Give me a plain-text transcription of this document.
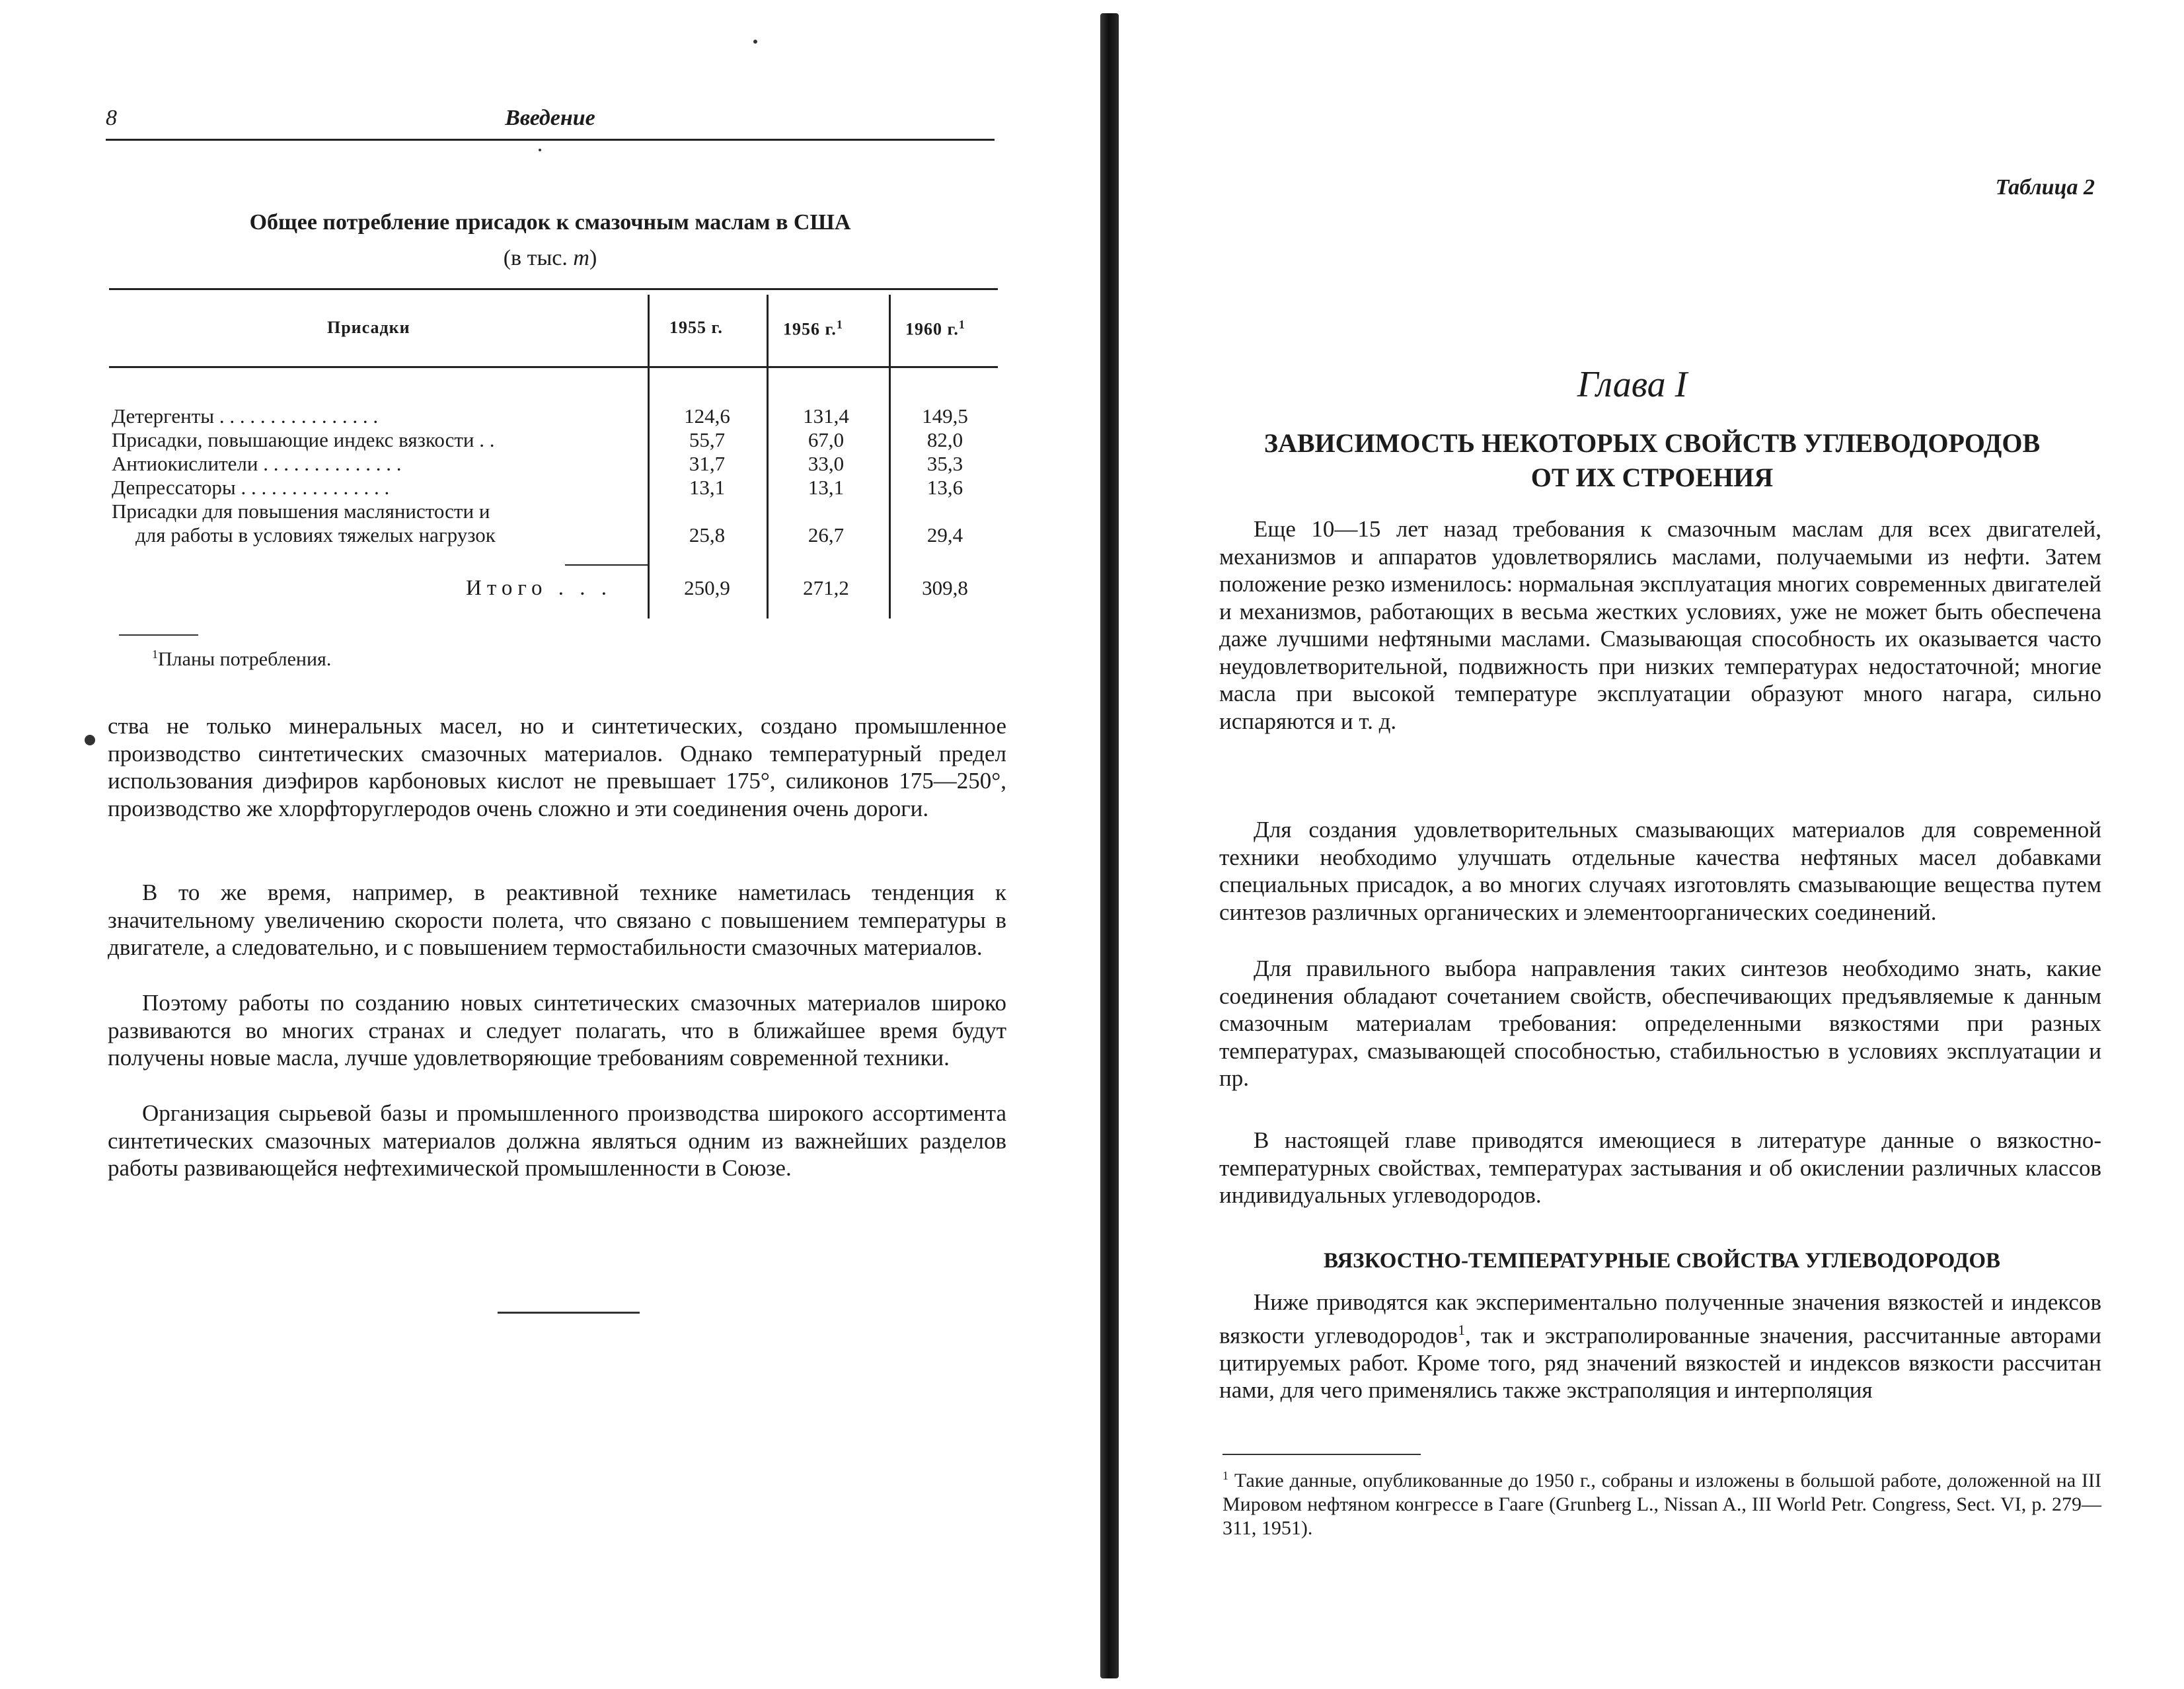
8	Введение
Таблица 2
Общее потребление присадок к смазочным маслам в США
(в тыс. т)
Присадки	1955 г.	1956 г.$^1$	1960 г.$^1$
Детергенты . . . . . . . . . . . . . . . .	124,6	131,4	149,5
Присадки, повышающие индекс вязкости . .	55,7	67,0	82,0
Антиокислители . . . . . . . . . . . . . .	31,7	33,0	35,3
Депрессаторы . . . . . . . . . . . . . . .	13,1	13,1	13,6
Присадки для повышения маслянистости и
для работы в условиях тяжелых нагрузок	25,8	26,7	29,4
Итого . . .	250,9	271,2	309,8
$^1$Планы потребления.
ства не только минеральных масел, но и синтетических, создано промышленное производство синтетических смазочных материалов. Однако температурный предел использования диэфиров карбоновых кислот не превышает 175°, силиконов 175—250°, производство же хлорфторуглеродов очень сложно и эти соединения очень дороги.
В то же время, например, в реактивной технике наметилась тенденция к значительному увеличению скорости полета, что связано с повышением температуры в двигателе, а следовательно, и с повышением термостабильности смазочных материалов.
Поэтому работы по созданию новых синтетических смазочных материалов широко развиваются во многих странах и следует полагать, что в ближайшее время будут получены новые масла, лучше удовлетворяющие требованиям современной техники.
Организация сырьевой базы и промышленного производства широкого ассортимента синтетических смазочных материалов должна являться одним из важнейших разделов работы развивающейся нефтехимической промышленности в Союзе.
Глава I
ЗАВИСИМОСТЬ НЕКОТОРЫХ СВОЙСТВ УГЛЕВОДОРОДОВ
ОТ ИХ СТРОЕНИЯ
Еще 10—15 лет назад требования к смазочным маслам для всех двигателей, механизмов и аппаратов удовлетворялись маслами, получаемыми из нефти. Затем положение резко изменилось: нормальная эксплуатация многих современных двигателей и механизмов, работающих в весьма жестких условиях, уже не может быть обеспечена даже лучшими нефтяными маслами. Смазывающая способность их оказывается часто неудовлетворительной, подвижность при низких температурах недостаточной; многие масла при высокой температуре эксплуатации образуют много нагара, сильно испаряются и т. д.
Для создания удовлетворительных смазывающих материалов для современной техники необходимо улучшать отдельные качества нефтяных масел добавками специальных присадок, а во многих случаях изготовлять смазывающие вещества путем синтезов различных органических и элементоорганических соединений.
Для правильного выбора направления таких синтезов необходимо знать, какие соединения обладают сочетанием свойств, обеспечивающих предъявляемые к данным смазочным материалам требования: определенными вязкостями при разных температурах, смазывающей способностью, стабильностью в условиях эксплуатации и пр.
В настоящей главе приводятся имеющиеся в литературе данные о вязкостно-температурных свойствах, температурах застывания и об окислении различных классов индивидуальных углеводородов.
ВЯЗКОСТНО-ТЕМПЕРАТУРНЫЕ СВОЙСТВА УГЛЕВОДОРОДОВ
Ниже приводятся как экспериментально полученные значения вязкостей и индексов вязкости углеводородов$^1$, так и экстраполированные значения, рассчитанные авторами цитируемых работ. Кроме того, ряд значений вязкостей и индексов вязкости рассчитан нами, для чего применялись также экстраполяция и интерполяция
$^1$ Такие данные, опубликованные до 1950 г., собраны и изложены в большой работе, доложенной на III Мировом нефтяном конгрессе в Гааге (Grunberg L., Nissan A., III World Petr. Congress, Sect. VI, p. 279—311, 1951).
